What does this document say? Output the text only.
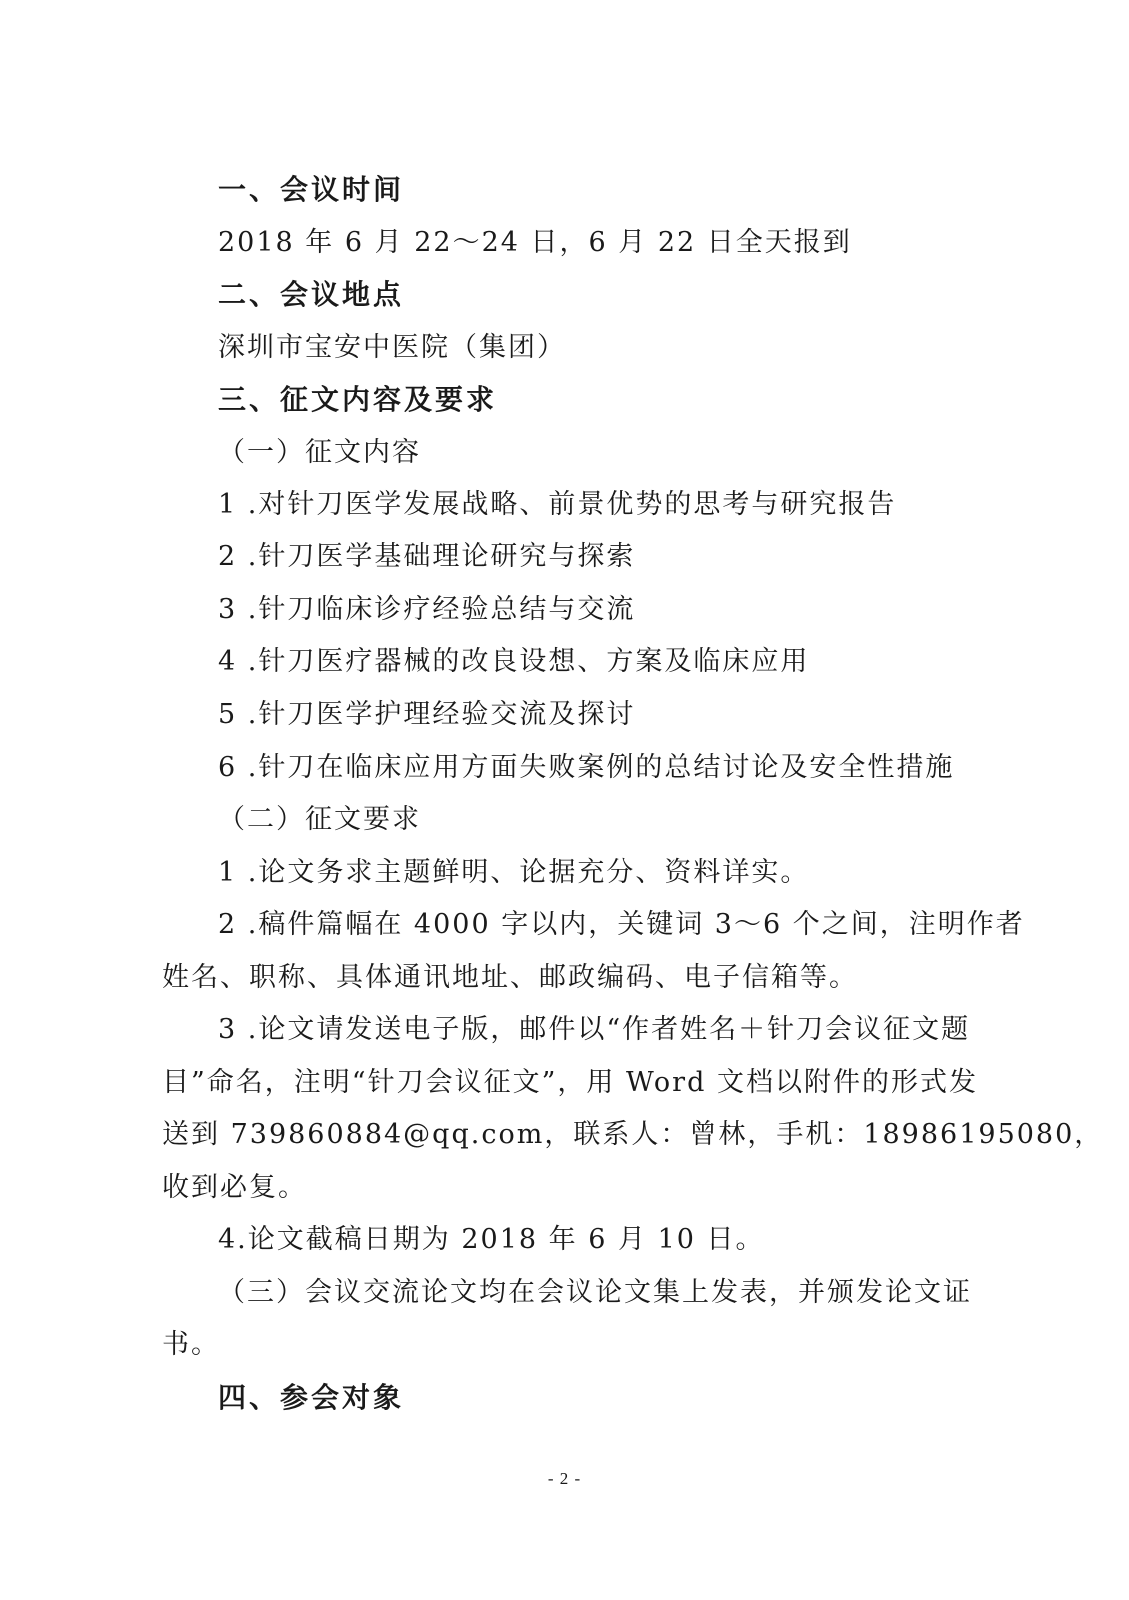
一、会议时间
2018 年 6 月 22～24 日，6 月 22 日全天报到
二、会议地点
深圳市宝安中医院（集团）
三、征文内容及要求
（一）征文内容
1 .对针刀医学发展战略、前景优势的思考与研究报告
2 .针刀医学基础理论研究与探索
3 .针刀临床诊疗经验总结与交流
4 .针刀医疗器械的改良设想、方案及临床应用
5 .针刀医学护理经验交流及探讨
6 .针刀在临床应用方面失败案例的总结讨论及安全性措施
（二）征文要求
1 .论文务求主题鲜明、论据充分、资料详实。
2 .稿件篇幅在 4000 字以内，关键词 3～6 个之间，注明作者
姓名、职称、具体通讯地址、邮政编码、电子信箱等。
3 .论文请发送电子版，邮件以“作者姓名＋针刀会议征文题
目”命名，注明“针刀会议征文”，用 Word 文档以附件的形式发
送到 739860884@qq.com，联系人：曾林，手机：18986195080，
收到必复。
4.论文截稿日期为 2018 年 6 月 10 日。
（三）会议交流论文均在会议论文集上发表，并颁发论文证
书。
四、参会对象
- 2 -
